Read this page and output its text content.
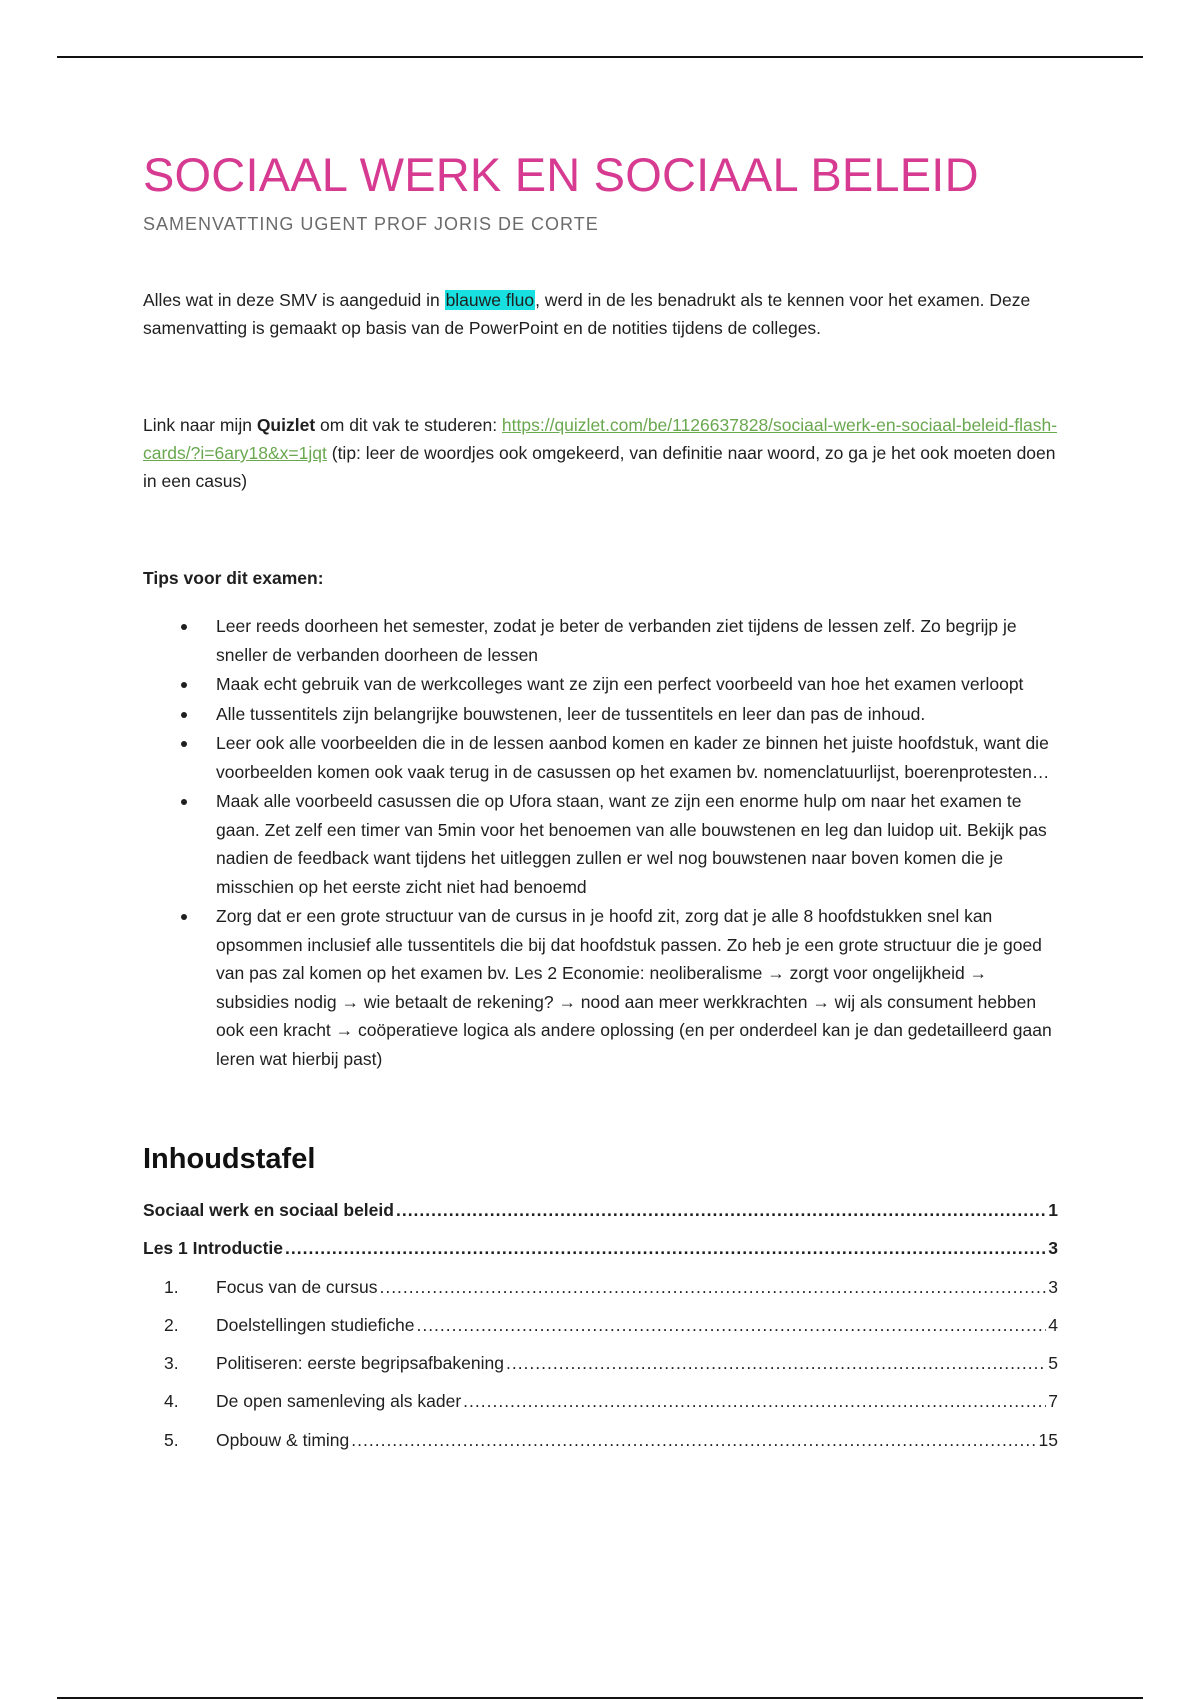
SOCIAAL WERK EN SOCIAAL BELEID
SAMENVATTING UGENT PROF JORIS DE CORTE

Alles wat in deze SMV is aangeduid in blauwe fluo, werd in de les benadrukt als te kennen voor het examen. Deze samenvatting is gemaakt op basis van de PowerPoint en de notities tijdens de colleges.

Link naar mijn Quizlet om dit vak te studeren: https://quizlet.com/be/1126637828/sociaal-werk-en-sociaal-beleid-flash-cards/?i=6ary18&x=1jqt (tip: leer de woordjes ook omgekeerd, van definitie naar woord, zo ga je het ook moeten doen in een casus)

Tips voor dit examen:
Leer reeds doorheen het semester, zodat je beter de verbanden ziet tijdens de lessen zelf. Zo begrijp je sneller de verbanden doorheen de lessen
Maak echt gebruik van de werkcolleges want ze zijn een perfect voorbeeld van hoe het examen verloopt
Alle tussentitels zijn belangrijke bouwstenen, leer de tussentitels en leer dan pas de inhoud.
Leer ook alle voorbeelden die in de lessen aanbod komen en kader ze binnen het juiste hoofdstuk, want die voorbeelden komen ook vaak terug in de casussen op het examen bv. nomenclatuurlijst, boerenprotesten…
Maak alle voorbeeld casussen die op Ufora staan, want ze zijn een enorme hulp om naar het examen te gaan. Zet zelf een timer van 5min voor het benoemen van alle bouwstenen en leg dan luidop uit. Bekijk pas nadien de feedback want tijdens het uitleggen zullen er wel nog bouwstenen naar boven komen die je misschien op het eerste zicht niet had benoemd
Zorg dat er een grote structuur van de cursus in je hoofd zit, zorg dat je alle 8 hoofdstukken snel kan opsommen inclusief alle tussentitels die bij dat hoofdstuk passen. Zo heb je een grote structuur die je goed van pas zal komen op het examen bv. Les 2 Economie: neoliberalisme → zorgt voor ongelijkheid → subsidies nodig → wie betaalt de rekening? → nood aan meer werkkrachten → wij als consument hebben ook een kracht → coöperatieve logica als andere oplossing (en per onderdeel kan je dan gedetailleerd gaan leren wat hierbij past)
Inhoudstafel
Sociaal werk en sociaal beleid .....	1
Les 1 Introductie .....	3
1.	Focus van de cursus .....	3
2.	Doelstellingen studiefiche .....	4
3.	Politiseren: eerste begripsafbakening .....	5
4.	De open samenleving als kader .....	7
5.	Opbouw & timing .....	15
